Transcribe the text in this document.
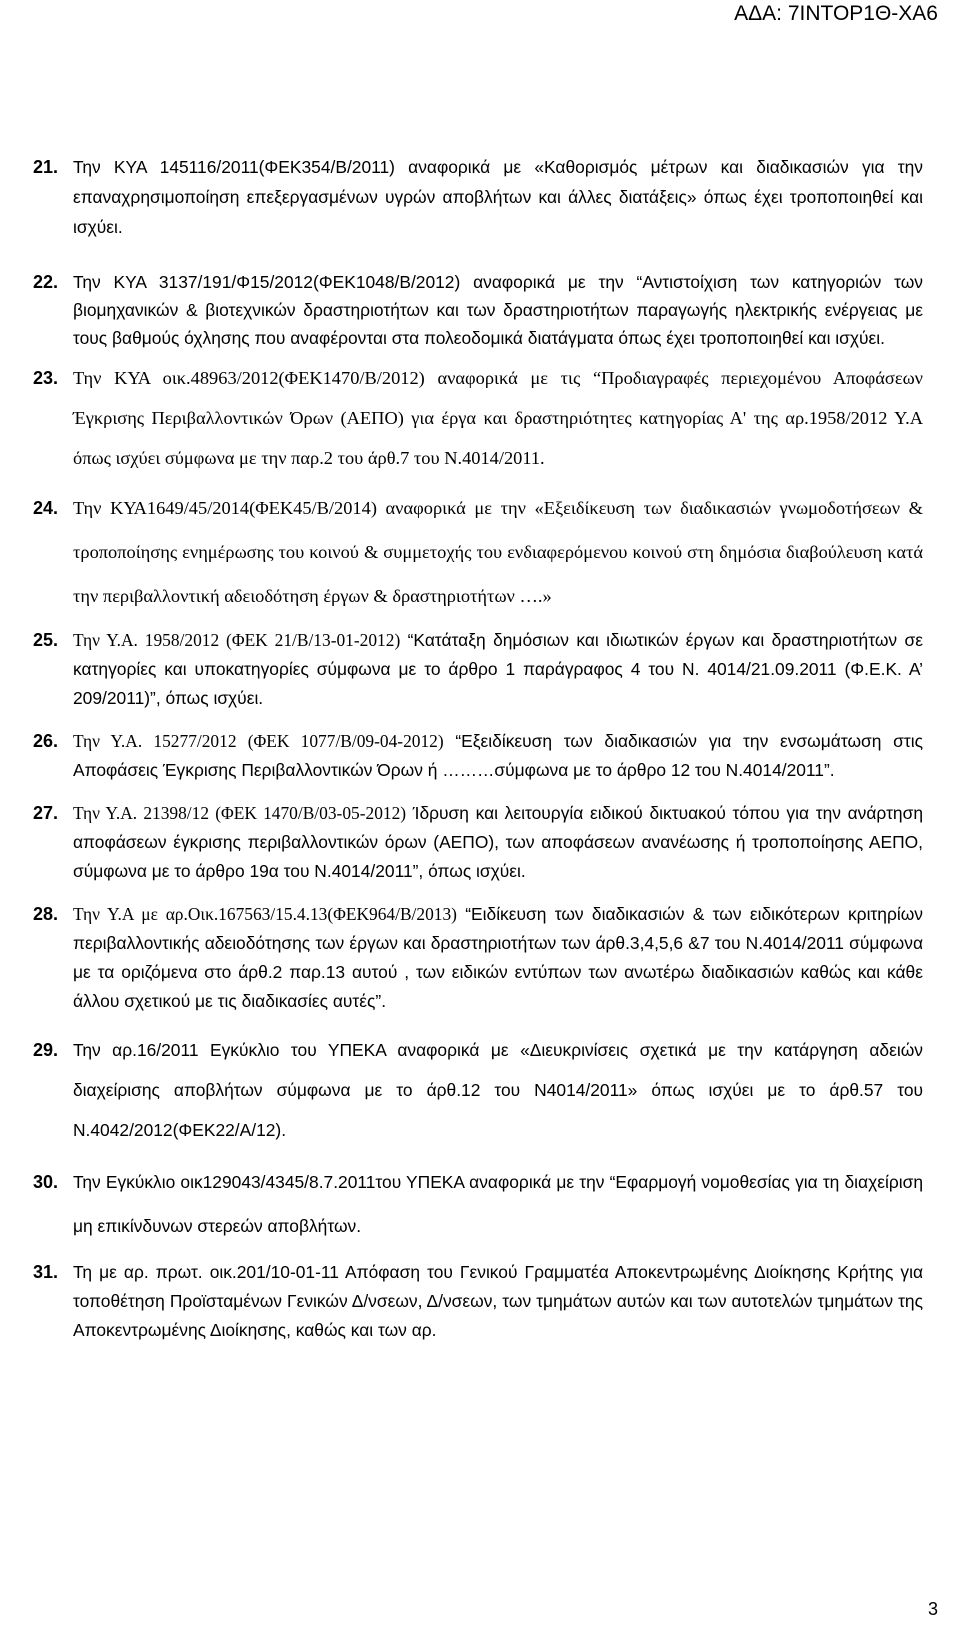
ΑΔΑ: 7ΙΝΤΟΡ1Θ-ΧΑ6
21. Την ΚΥΑ 145116/2011(ΦΕΚ354/Β/2011) αναφορικά με «Καθορισμός μέτρων και διαδικασιών για την επαναχρησιμοποίηση επεξεργασμένων υγρών αποβλήτων και άλλες διατάξεις» όπως έχει τροποποιηθεί και ισχύει.
22. Την ΚΥΑ 3137/191/Φ15/2012(ΦΕΚ1048/Β/2012) αναφορικά με την “Αντιστοίχιση των κατηγοριών των βιομηχανικών & βιοτεχνικών δραστηριοτήτων και των δραστηριοτήτων παραγωγής ηλεκτρικής ενέργειας με τους βαθμούς όχλησης που αναφέρονται στα πολεοδομικά διατάγματα όπως έχει τροποποιηθεί και ισχύει.
23. Την ΚΥΑ οικ.48963/2012(ΦΕΚ1470/Β/2012) αναφορικά με τις “Προδιαγραφές περιεχομένου Αποφάσεων Έγκρισης Περιβαλλοντικών Όρων (ΑΕΠΟ) για έργα και δραστηριότητες κατηγορίας Α' της αρ.1958/2012 Υ.Α όπως ισχύει σύμφωνα με την παρ.2 του άρθ.7 του Ν.4014/2011.
24. Την ΚΥΑ1649/45/2014(ΦΕΚ45/Β/2014) αναφορικά με την «Εξειδίκευση των διαδικασιών γνωμοδοτήσεων & τροποποίησης ενημέρωσης του κοινού & συμμετοχής του ενδιαφερόμενου κοινού στη δημόσια διαβούλευση κατά την περιβαλλοντική αδειοδότηση έργων & δραστηριοτήτων ….»
25. Την Υ.Α. 1958/2012 (ΦΕΚ 21/Β/13-01-2012) “Κατάταξη δημόσιων και ιδιωτικών έργων και δραστηριοτήτων σε κατηγορίες και υποκατηγορίες σύμφωνα με το άρθρο 1 παράγραφος 4 του Ν. 4014/21.09.2011 (Φ.Ε.Κ. Α’ 209/2011)”, όπως ισχύει.
26. Την Υ.Α. 15277/2012 (ΦΕΚ 1077/Β/09-04-2012) “Εξειδίκευση των διαδικασιών για την ενσωμάτωση στις Αποφάσεις Έγκρισης Περιβαλλοντικών Όρων ή ………σύμφωνα με το άρθρο 12 του Ν.4014/2011”.
27. Την Υ.Α. 21398/12 (ΦΕΚ 1470/Β/03-05-2012) Ίδρυση και λειτουργία ειδικού δικτυακού τόπου για την ανάρτηση αποφάσεων έγκρισης περιβαλλοντικών όρων (ΑΕΠΟ), των αποφάσεων ανανέωσης ή τροποποίησης ΑΕΠΟ, σύμφωνα με το άρθρο 19α του Ν.4014/2011”, όπως ισχύει.
28. Την Υ.Α με αρ.Οικ.167563/15.4.13(ΦΕΚ964/Β/2013) “Ειδίκευση των διαδικασιών & των ειδικότερων κριτηρίων περιβαλλοντικής αδειοδότησης των έργων και δραστηριοτήτων των άρθ.3,4,5,6 &7 του Ν.4014/2011 σύμφωνα με τα οριζόμενα στο άρθ.2 παρ.13 αυτού , των ειδικών εντύπων των ανωτέρω διαδικασιών καθώς και κάθε άλλου σχετικού με τις διαδικασίες αυτές”.
29. Την αρ.16/2011 Εγκύκλιο του ΥΠΕΚΑ αναφορικά με «Διευκρινίσεις σχετικά με την κατάργηση αδειών διαχείρισης αποβλήτων σύμφωνα με το άρθ.12 του Ν4014/2011» όπως ισχύει με το άρθ.57 του Ν.4042/2012(ΦΕΚ22/Α/12).
30. Την Εγκύκλιο οικ129043/4345/8.7.2011του ΥΠΕΚΑ αναφορικά με την “Εφαρμογή νομοθεσίας για τη διαχείριση μη επικίνδυνων στερεών αποβλήτων.
31. Τη με αρ. πρωτ. οικ.201/10-01-11 Απόφαση του Γενικού Γραμματέα Αποκεντρωμένης Διοίκησης Κρήτης για τοποθέτηση Προϊσταμένων Γενικών Δ/νσεων, Δ/νσεων, των τμημάτων αυτών και των αυτοτελών τμημάτων της Αποκεντρωμένης Διοίκησης, καθώς και των αρ.
3
